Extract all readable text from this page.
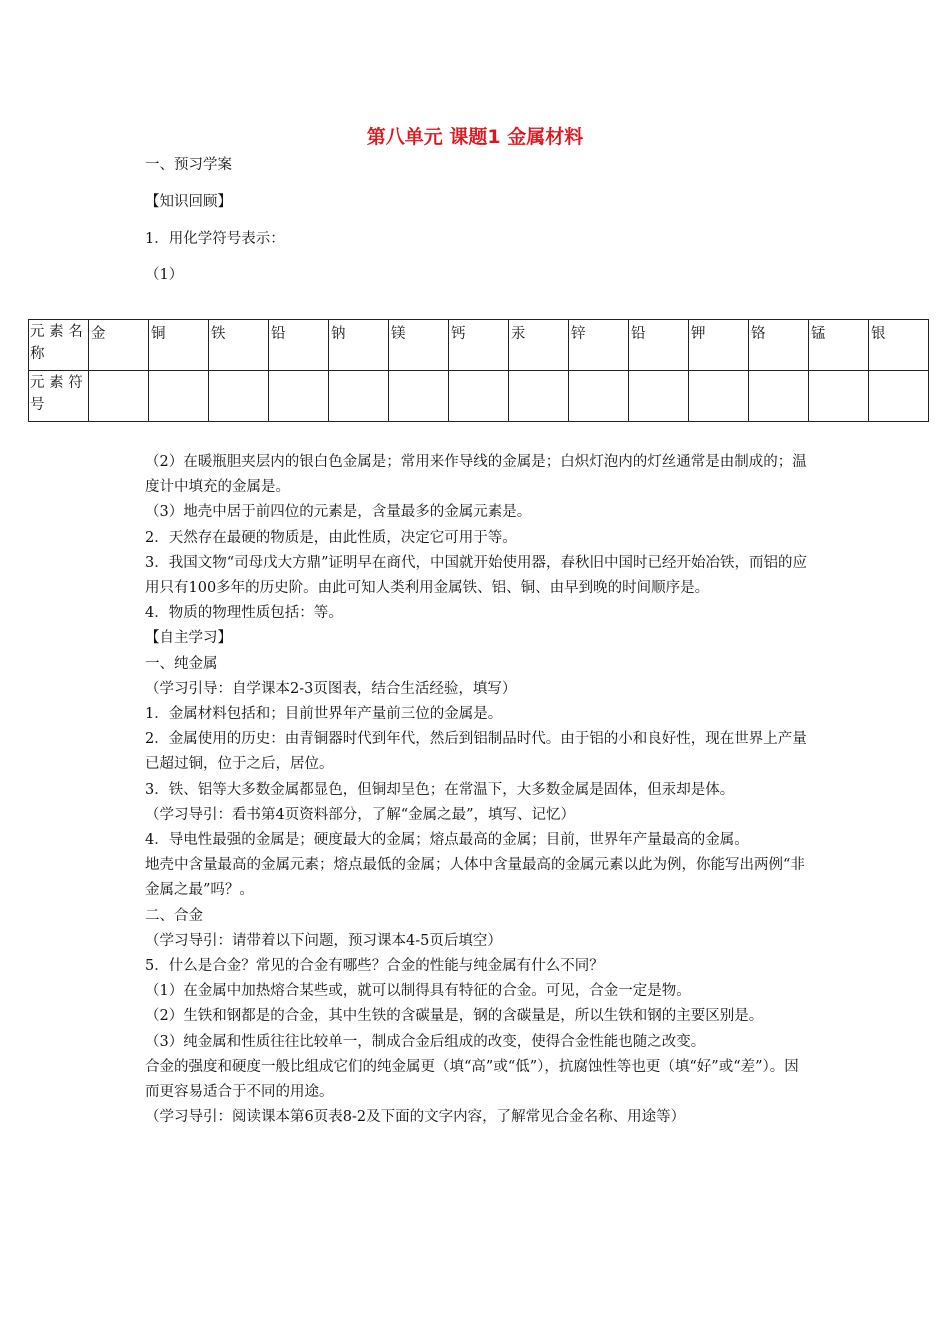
第八单元 课题1 金属材料
一、预习学案
【知识回顾】
1．用化学符号表示：
（1）
元 素 名称	金	铜	铁	铅	钠	镁	钙	汞	锌	铅	钾	铬	锰	银
元 素 符号														

（2）在暖瓶胆夹层内的银白色金属是；常用来作导线的金属是；白炽灯泡内的灯丝通常是由制成的；温度计中填充的金属是。

（3）地壳中居于前四位的元素是，含量最多的金属元素是。

2．天然存在最硬的物质是，由此性质，决定它可用于等。

3．我国文物“司母戊大方鼎”证明早在商代，中国就开始使用器，春秋旧中国时已经开始冶铁，而铝的应用只有100多年的历史阶。由此可知人类利用金属铁、铝、铜、由早到晚的时间顺序是。

4．物质的物理性质包括：等。

【自主学习】

一、纯金属

（学习引导：自学课本2-3页图表，结合生活经验，填写）

1．金属材料包括和；目前世界年产量前三位的金属是。

2．金属使用的历史：由青铜器时代到年代，然后到铝制品时代。由于铝的小和良好性，现在世界上产量已超过铜，位于之后，居位。

3．铁、铝等大多数金属都显色，但铜却呈色；在常温下，大多数金属是固体，但汞却是体。

（学习导引：看书第4页资料部分，了解“金属之最”，填写、记忆）

4．导电性最强的金属是；硬度最大的金属；熔点最高的金属；目前，世界年产量最高的金属。

地壳中含量最高的金属元素；熔点最低的金属；人体中含量最高的金属元素以此为例，你能写出两例“非金属之最”吗？。

二、合金

（学习导引：请带着以下问题，预习课本4-5页后填空）

5．什么是合金？常见的合金有哪些？合金的性能与纯金属有什么不同？

（1）在金属中加热熔合某些或，就可以制得具有特征的合金。可见，合金一定是物。

（2）生铁和钢都是的合金，其中生铁的含碳量是，钢的含碳量是，所以生铁和钢的主要区别是。

（3）纯金属和性质往往比较单一，制成合金后组成的改变，使得合金性能也随之改变。

合金的强度和硬度一般比组成它们的纯金属更（填“高”或“低”），抗腐蚀性等也更（填“好”或“差”）。因而更容易适合于不同的用途。

（学习导引：阅读课本第6页表8-2及下面的文字内容，了解常见合金名称、用途等）
